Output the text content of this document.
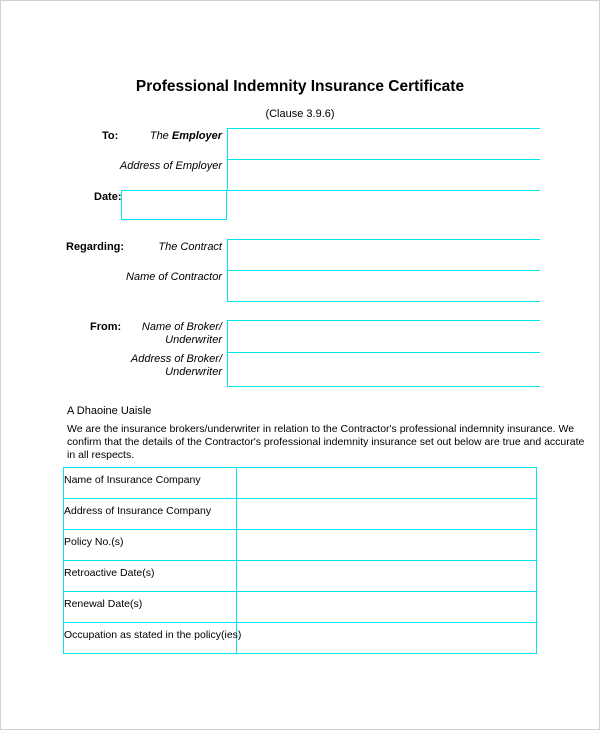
Professional Indemnity Insurance Certificate
(Clause 3.9.6)
To:	The Employer
Address of Employer
Date:
Regarding:	The Contract
Name of Contractor
From:	Name of Broker/
Underwriter
Address of Broker/
Underwriter
A Dhaoine Uaisle
We are the insurance brokers/underwriter in relation to the Contractor's professional indemnity insurance. We
confirm that the details of the Contractor's professional indemnity insurance set out below are true and accurate
in all respects.
Name of Insurance Company
Address of Insurance Company
Policy No.(s)
Retroactive Date(s)
Renewal Date(s)
Occupation as stated in the policy(ies)
